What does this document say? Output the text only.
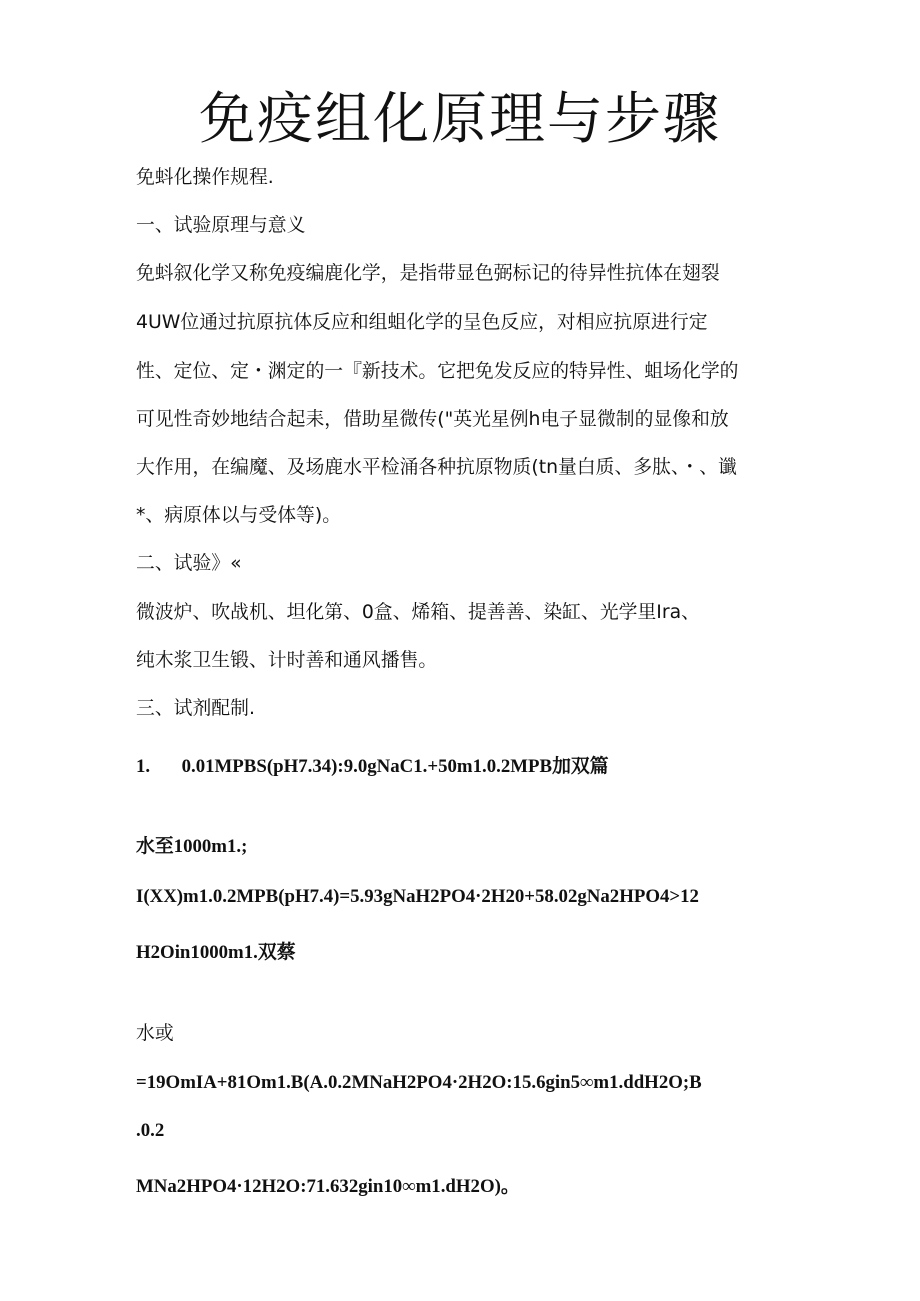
免疫组化原理与步骤
免蚪化操作规程.
一、试验原理与意义
免蚪叙化学又称免疫编鹿化学，是指带显色弼标记的待异性抗体在翅裂
4UW位通过抗原抗体反应和组蛆化学的呈色反应，对相应抗原进行定
性、定位、定・渊定的一『新技术。它把免发反应的特异性、蛆场化学的
可见性奇妙地结合起耒，借助星微传("英光星例h电子显微制的显像和放
大作用，在编魔、及场鹿水平检涌各种抗原物质(tn量白质、多肽、・、谶
*、病原体以与受体等)。
二、试验》«
微波炉、吹战机、坦化第、0盒、烯箱、提善善、染缸、光学里Ira、
纯木浆卫生锻、计时善和通风播售。
三、试剂配制.
1. 0.01MPBS(pH7.34):9.0gNaC1.+50m1.0.2MPB加双篇
水至1000m1.;
I(XX)m1.0.2MPB(pH7.4)=5.93gNaH2PO4·2H20+58.02gNa2HPO4>12
H2Oin1000m1.双蔡
水或
=19OmIA+81Om1.B(A.0.2MNaH2PO4·2H2O:15.6gin5∞m1.ddH2O;B
.0.2
MNa2HPO4·12H2O:71.632gin10∞m1.dH2O)。
